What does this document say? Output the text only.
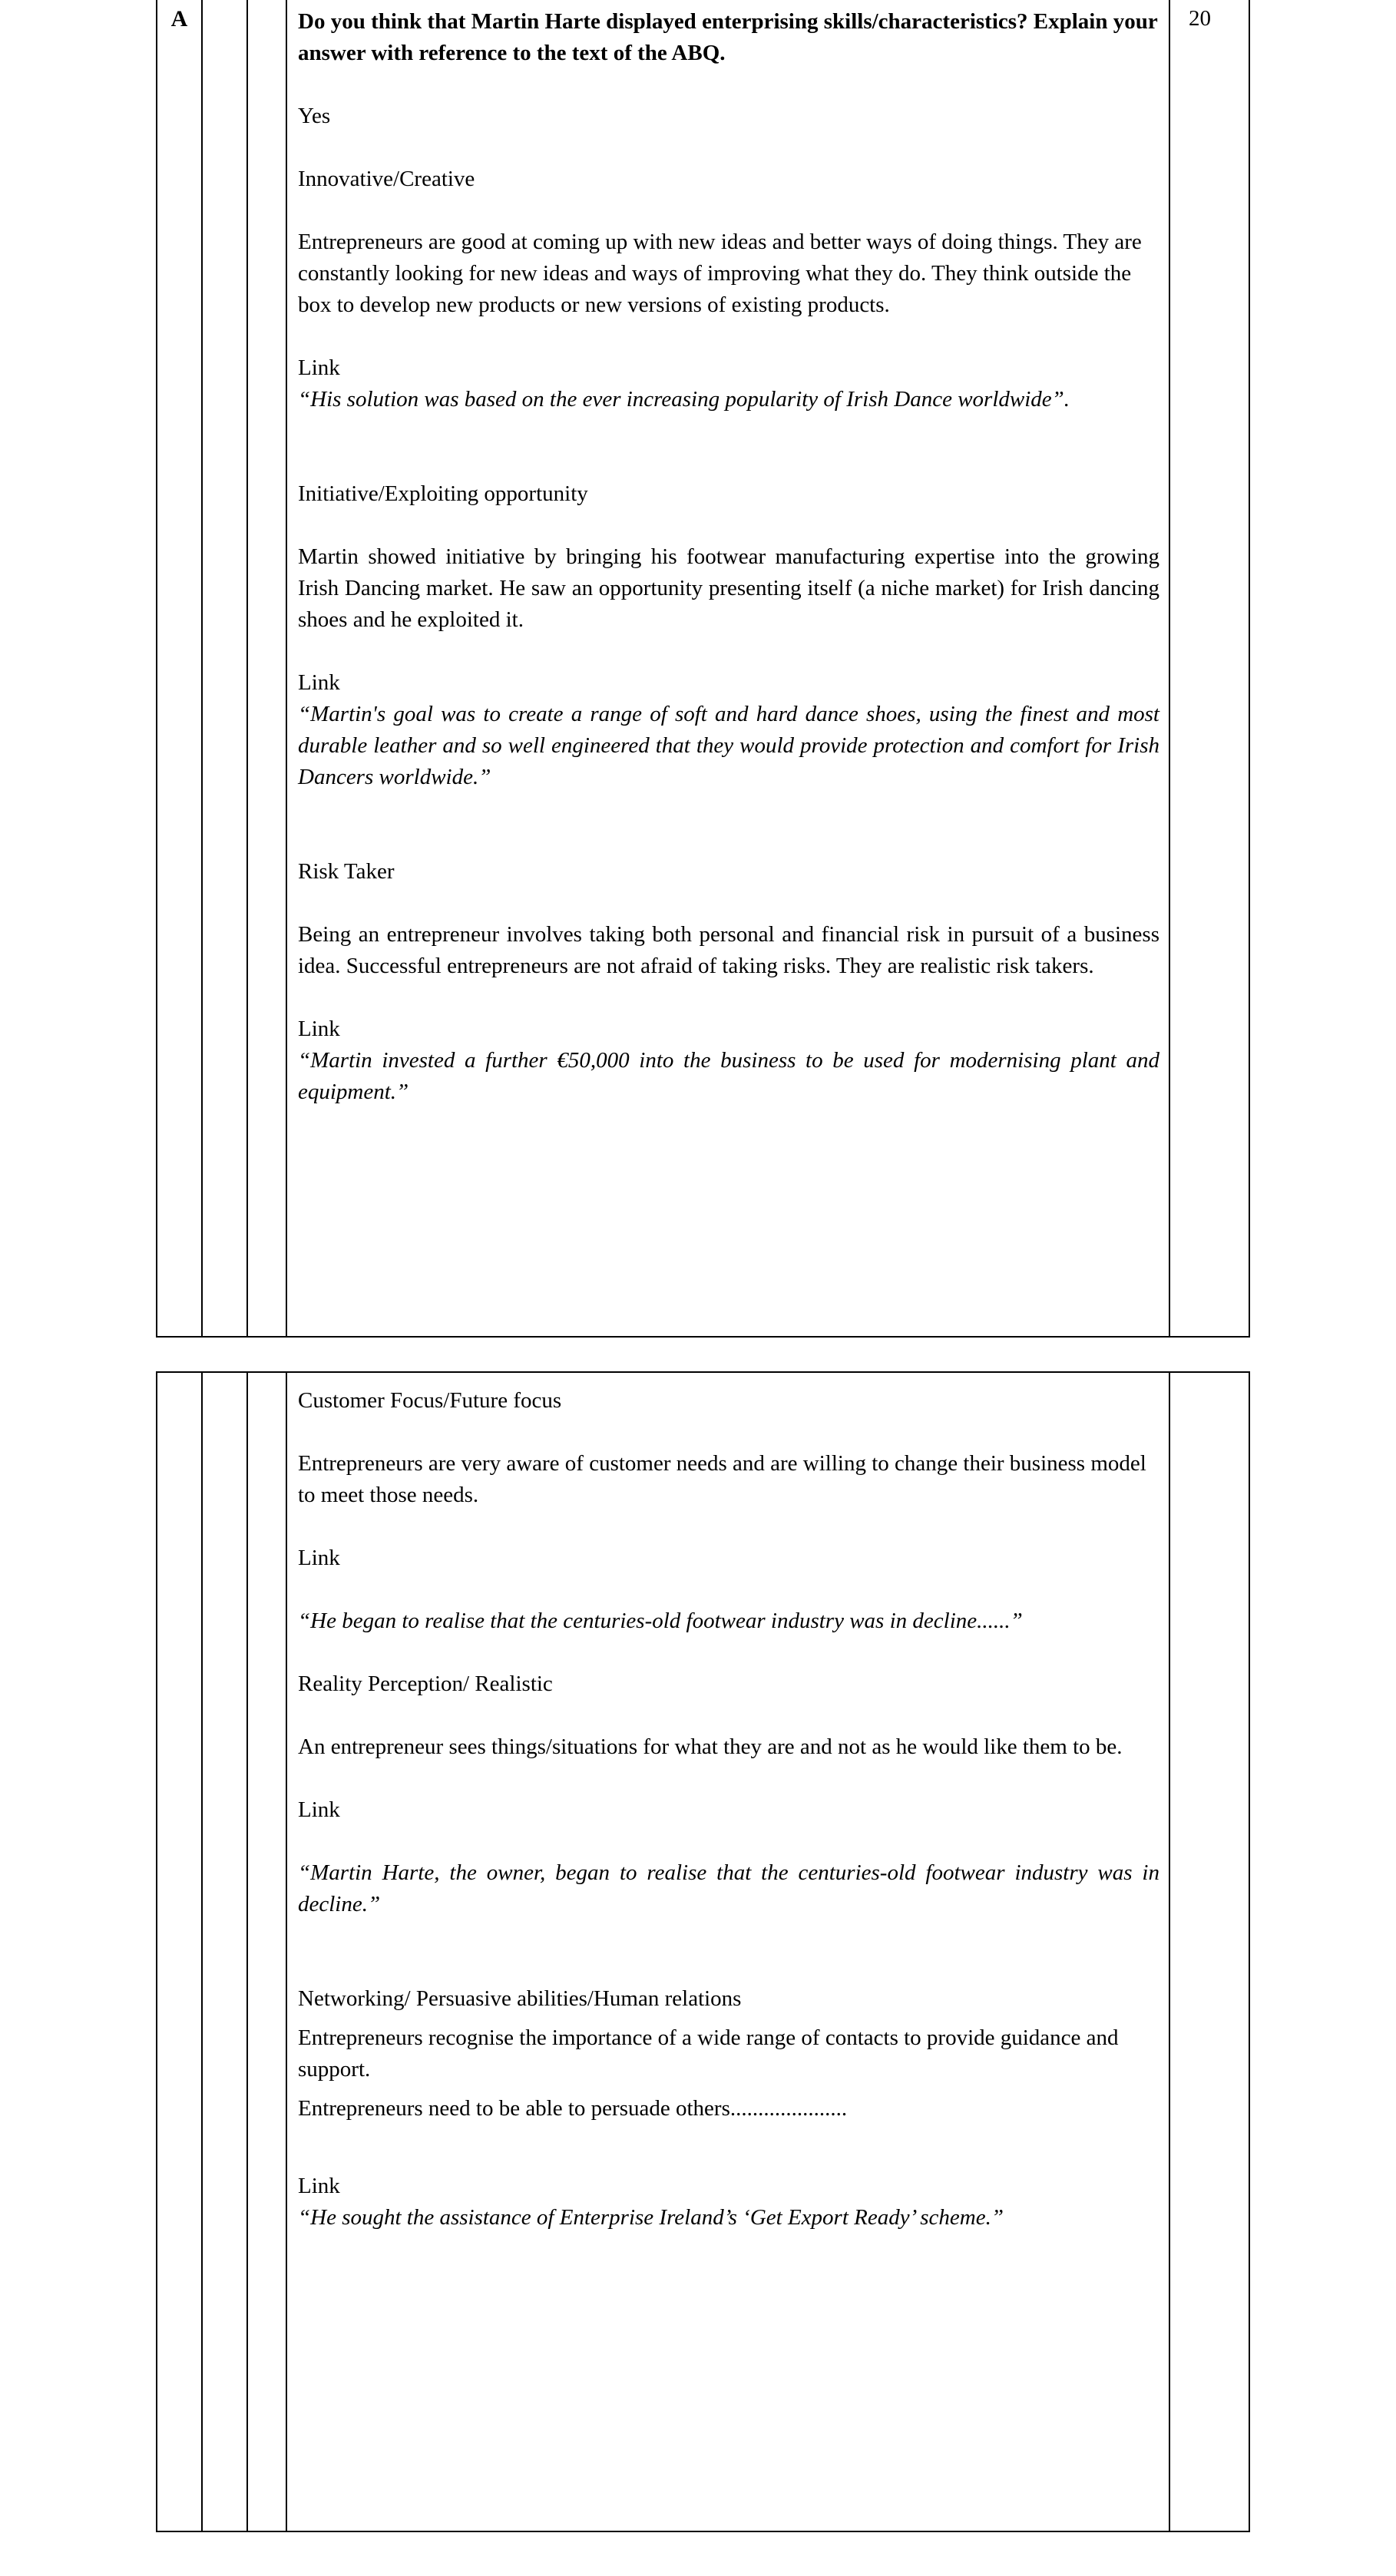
A	Do you think that Martin Harte displayed enterprising skills/characteristics? Explain your answer with reference to the text of the ABQ.

Yes

Innovative/Creative

Entrepreneurs are good at coming up with new ideas and better ways of doing things. They are constantly looking for new ideas and ways of improving what they do. They think outside the box to develop new products or new versions of existing products.

Link

“His solution was based on the ever increasing popularity of Irish Dance worldwide”.

Initiative/Exploiting opportunity

Martin showed initiative by bringing his footwear manufacturing expertise into the growing Irish Dancing market. He saw an opportunity presenting itself (a niche market) for Irish dancing shoes and he exploited it.

Link

“Martin's goal was to create a range of soft and hard dance shoes, using the finest and most durable leather and so well engineered that they would provide protection and comfort for Irish Dancers worldwide.”

Risk Taker

Being an entrepreneur involves taking both personal and financial risk in pursuit of a business idea. Successful entrepreneurs are not afraid of taking risks. They are realistic risk takers.

Link

“Martin invested a further €50,000 into the business to be used for modernising plant and equipment.”

20

Customer Focus/Future focus

Entrepreneurs are very aware of customer needs and are willing to change their business model to meet those needs.

Link

“He began to realise that the centuries-old footwear industry was in decline......”

Reality Perception/ Realistic

An entrepreneur sees things/situations for what they are and not as he would like them to be.

Link

“Martin Harte, the owner, began to realise that the centuries-old footwear industry was in decline.”

Networking/ Persuasive abilities/Human relations

Entrepreneurs recognise the importance of a wide range of contacts to provide guidance and support.

Entrepreneurs need to be able to persuade others.....................

Link

“He sought the assistance of Enterprise Ireland’s ‘Get Export Ready’ scheme.”
